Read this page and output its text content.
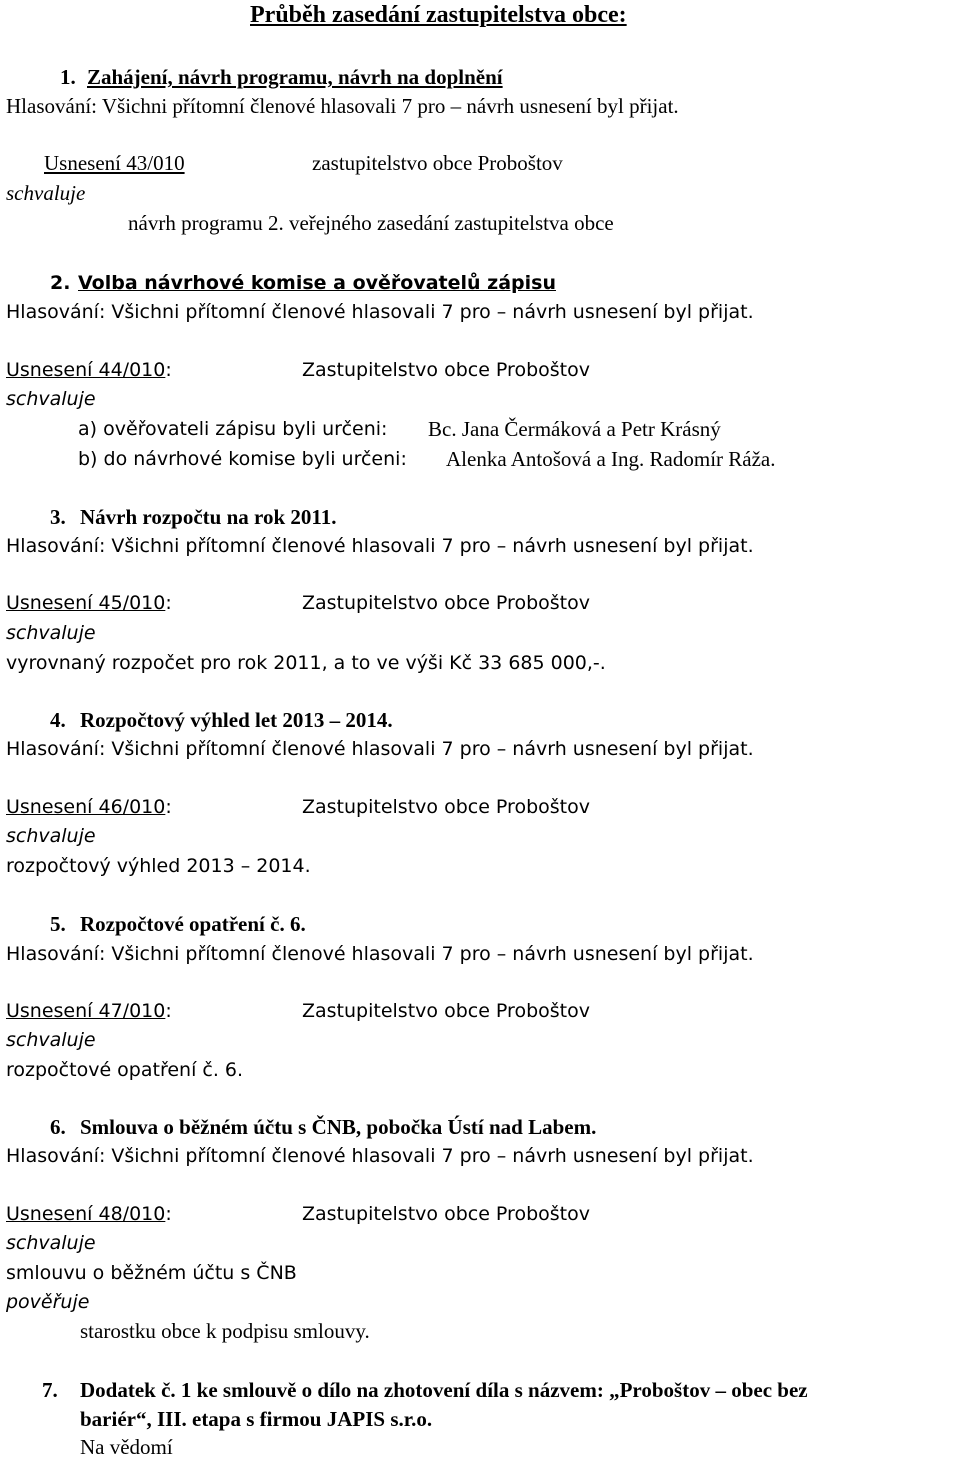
Průběh zasedání zastupitelstva obce:
1. Zahájení, návrh programu, návrh na doplnění
Hlasování: Všichni přítomní členové hlasovali 7 pro – návrh usnesení byl přijat.
Usnesení 43/010	zastupitelstvo obce Proboštov
schvaluje
návrh programu 2. veřejného zasedání zastupitelstva obce
2. Volba návrhové komise a ověřovatelů zápisu
Hlasování: Všichni přítomní členové hlasovali 7 pro – návrh usnesení byl přijat.
Usnesení 44/010:	Zastupitelstvo obce Proboštov
schvaluje
a) ověřovateli zápisu byli určeni: Bc. Jana Čermáková a Petr Krásný
b) do návrhové komise byli určeni: Alenka Antošová a Ing. Radomír Ráža.
3. Návrh rozpočtu na rok 2011.
Hlasování: Všichni přítomní členové hlasovali 7 pro – návrh usnesení byl přijat.
Usnesení 45/010:	Zastupitelstvo obce Proboštov
schvaluje
vyrovnaný rozpočet pro rok 2011, a to ve výši Kč 33 685 000,-.
4. Rozpočtový výhled let 2013 – 2014.
Hlasování: Všichni přítomní členové hlasovali 7 pro – návrh usnesení byl přijat.
Usnesení 46/010:	Zastupitelstvo obce Proboštov
schvaluje
rozpočtový výhled 2013 – 2014.
5. Rozpočtové opatření č. 6.
Hlasování: Všichni přítomní členové hlasovali 7 pro – návrh usnesení byl přijat.
Usnesení 47/010:	Zastupitelstvo obce Proboštov
schvaluje
rozpočtové opatření č. 6.
6. Smlouva o běžném účtu s ČNB, pobočka Ústí nad Labem.
Hlasování: Všichni přítomní členové hlasovali 7 pro – návrh usnesení byl přijat.
Usnesení 48/010:	Zastupitelstvo obce Proboštov
schvaluje
smlouvu o běžném účtu s ČNB
pověřuje
starostku obce k podpisu smlouvy.
7. Dodatek č. 1 ke smlouvě o dílo na zhotovení díla s názvem: „Proboštov – obec bez
bariér“, III. etapa s firmou JAPIS s.r.o.
Na vědomí
